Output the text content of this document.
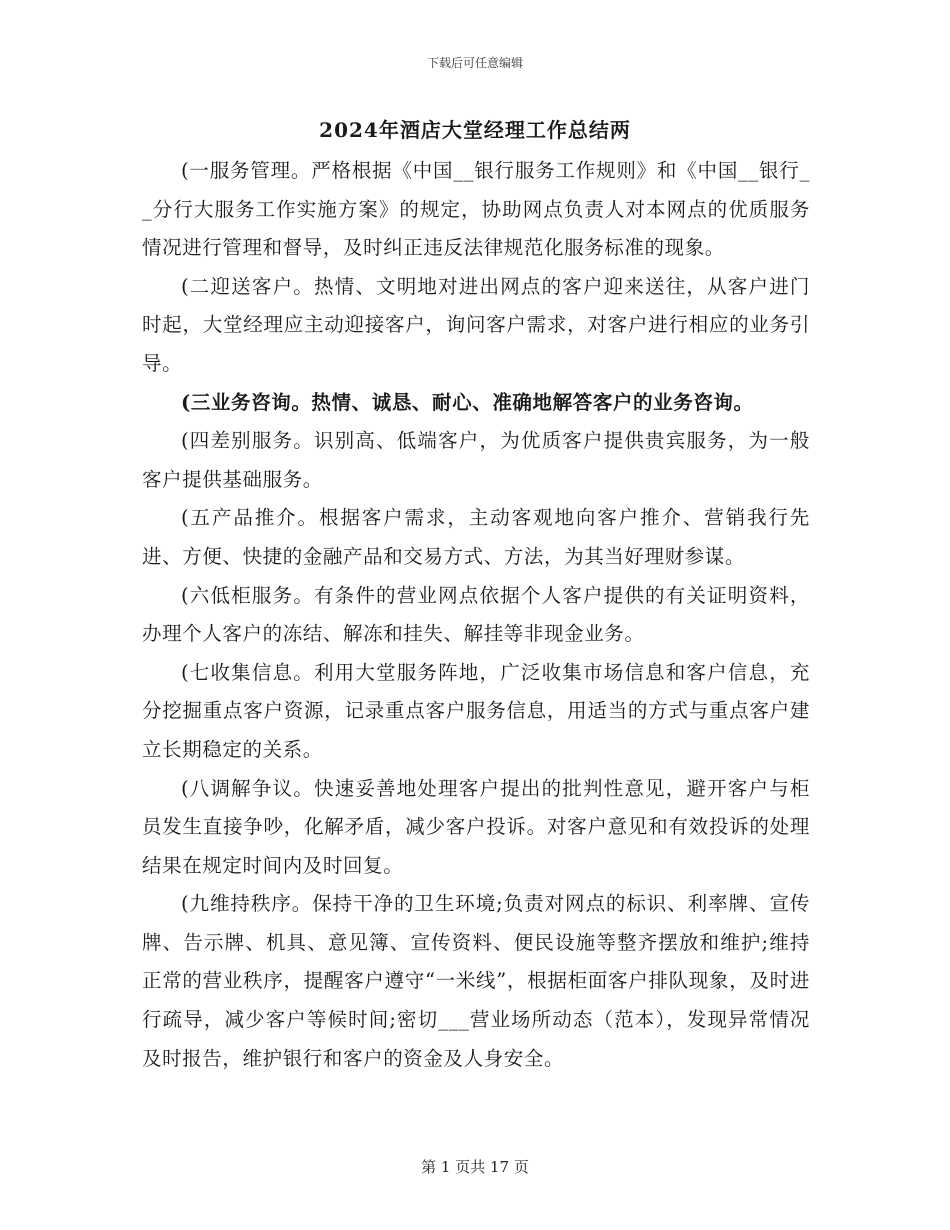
下载后可任意编辑
2024年酒店大堂经理工作总结两

(一服务管理。严格根据《中国__银行服务工作规则》和《中国__银行__分行大服务工作实施方案》的规定，协助网点负责人对本网点的优质服务情况进行管理和督导，及时纠正违反法律规范化服务标准的现象。

(二迎送客户。热情、文明地对进出网点的客户迎来送往，从客户进门时起，大堂经理应主动迎接客户，询问客户需求，对客户进行相应的业务引导。

(三业务咨询。热情、诚恳、耐心、准确地解答客户的业务咨询。

(四差别服务。识别高、低端客户，为优质客户提供贵宾服务，为一般客户提供基础服务。

(五产品推介。根据客户需求，主动客观地向客户推介、营销我行先进、方便、快捷的金融产品和交易方式、方法，为其当好理财参谋。

(六低柜服务。有条件的营业网点依据个人客户提供的有关证明资料，办理个人客户的冻结、解冻和挂失、解挂等非现金业务。

(七收集信息。利用大堂服务阵地，广泛收集市场信息和客户信息，充分挖掘重点客户资源，记录重点客户服务信息，用适当的方式与重点客户建立长期稳定的关系。

(八调解争议。快速妥善地处理客户提出的批判性意见，避开客户与柜员发生直接争吵，化解矛盾，减少客户投诉。对客户意见和有效投诉的处理结果在规定时间内及时回复。

(九维持秩序。保持干净的卫生环境;负责对网点的标识、利率牌、宣传牌、告示牌、机具、意见簿、宣传资料、便民设施等整齐摆放和维护;维持正常的营业秩序，提醒客户遵守“一米线”，根据柜面客户排队现象，及时进行疏导，减少客户等候时间;密切___营业场所动态（范本），发现异常情况及时报告，维护银行和客户的资金及人身安全。

第 1 页共 17 页
